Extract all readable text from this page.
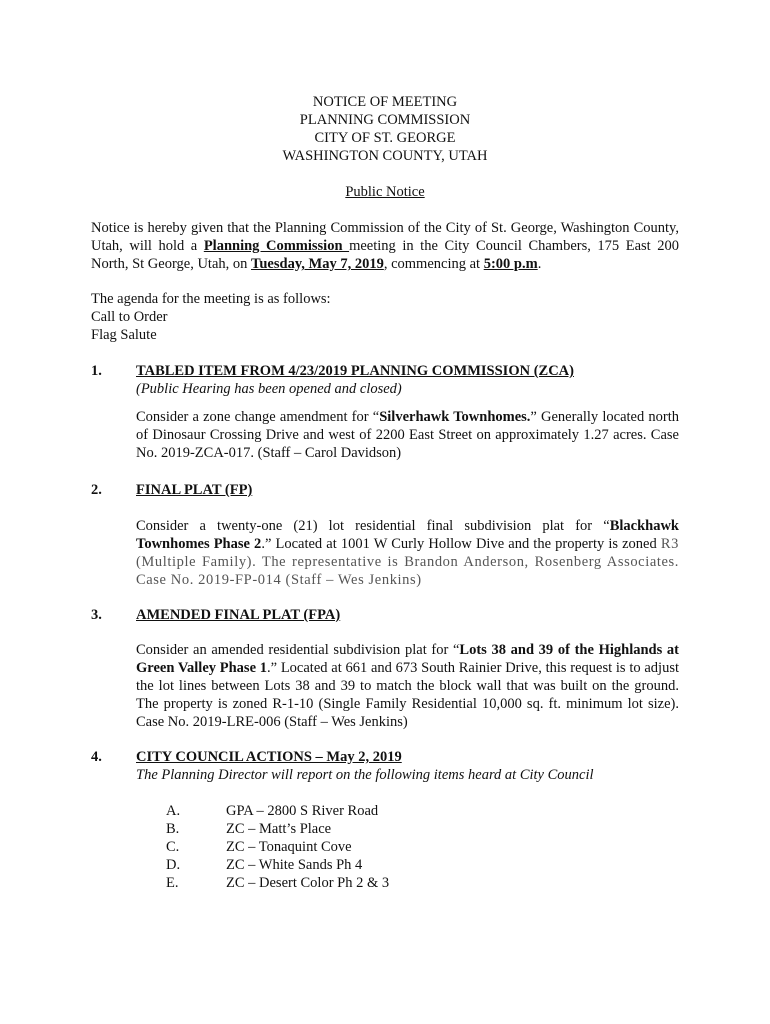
NOTICE OF MEETING
PLANNING COMMISSION
CITY OF ST. GEORGE
WASHINGTON COUNTY, UTAH
Public Notice
Notice is hereby given that the Planning Commission of the City of St. George, Washington County, Utah, will hold a Planning Commission meeting in the City Council Chambers, 175 East 200 North, St George, Utah, on Tuesday, May 7, 2019, commencing at 5:00 p.m.
The agenda for the meeting is as follows:
Call to Order
Flag Salute
1. TABLED ITEM FROM 4/23/2019 PLANNING COMMISSION (ZCA)
(Public Hearing has been opened and closed)
Consider a zone change amendment for “Silverhawk Townhomes.” Generally located north of Dinosaur Crossing Drive and west of 2200 East Street on approximately 1.27 acres. Case No. 2019-ZCA-017. (Staff – Carol Davidson)
2. FINAL PLAT (FP)
Consider a twenty-one (21) lot residential final subdivision plat for “Blackhawk Townhomes Phase 2.” Located at 1001 W Curly Hollow Dive and the property is zoned R3 (Multiple Family). The representative is Brandon Anderson, Rosenberg Associates. Case No. 2019-FP-014 (Staff – Wes Jenkins)
3. AMENDED FINAL PLAT (FPA)
Consider an amended residential subdivision plat for “Lots 38 and 39 of the Highlands at Green Valley Phase 1.” Located at 661 and 673 South Rainier Drive, this request is to adjust the lot lines between Lots 38 and 39 to match the block wall that was built on the ground. The property is zoned R-1-10 (Single Family Residential 10,000 sq. ft. minimum lot size). Case No. 2019-LRE-006 (Staff – Wes Jenkins)
4. CITY COUNCIL ACTIONS – May 2, 2019
The Planning Director will report on the following items heard at City Council
A.	GPA – 2800 S River Road
B.	ZC – Matt’s Place
C.	ZC – Tonaquint Cove
D.	ZC – White Sands Ph 4
E.	ZC – Desert Color Ph 2 & 3
